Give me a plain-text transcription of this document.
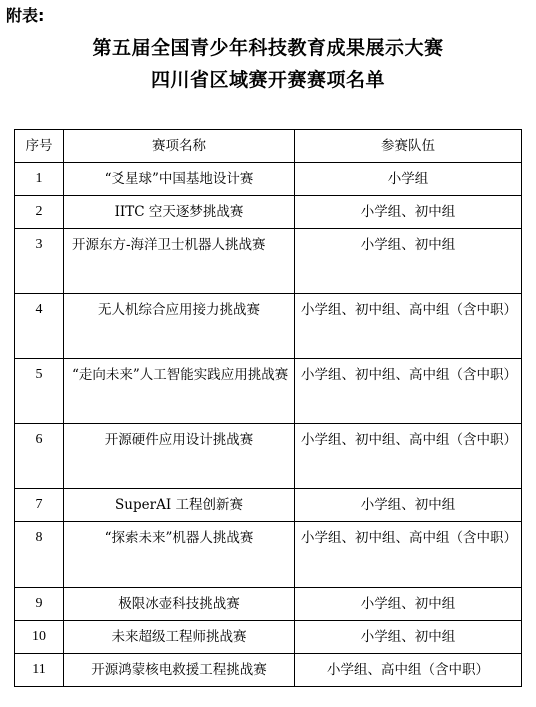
附表:
第五届全国青少年科技教育成果展示大赛
四川省区域赛开赛赛项名单
序号	赛项名称	参赛队伍
1	“爻星球”中国基地设计赛	小学组
2	IITC 空天逐梦挑战赛	小学组、初中组
3	开源东方-海洋卫士机器人挑战赛	小学组、初中组
4	无人机综合应用接力挑战赛	小学组、初中组、高中组（含中职）
5	“走向未来”人工智能实践应用挑战赛	小学组、初中组、高中组（含中职）
6	开源硬件应用设计挑战赛	小学组、初中组、高中组（含中职）
7	SuperAI 工程创新赛	小学组、初中组
8	“探索未来”机器人挑战赛	小学组、初中组、高中组（含中职）
9	极限冰壶科技挑战赛	小学组、初中组
10	未来超级工程师挑战赛	小学组、初中组
11	开源鸿蒙核电救援工程挑战赛	小学组、高中组（含中职）
